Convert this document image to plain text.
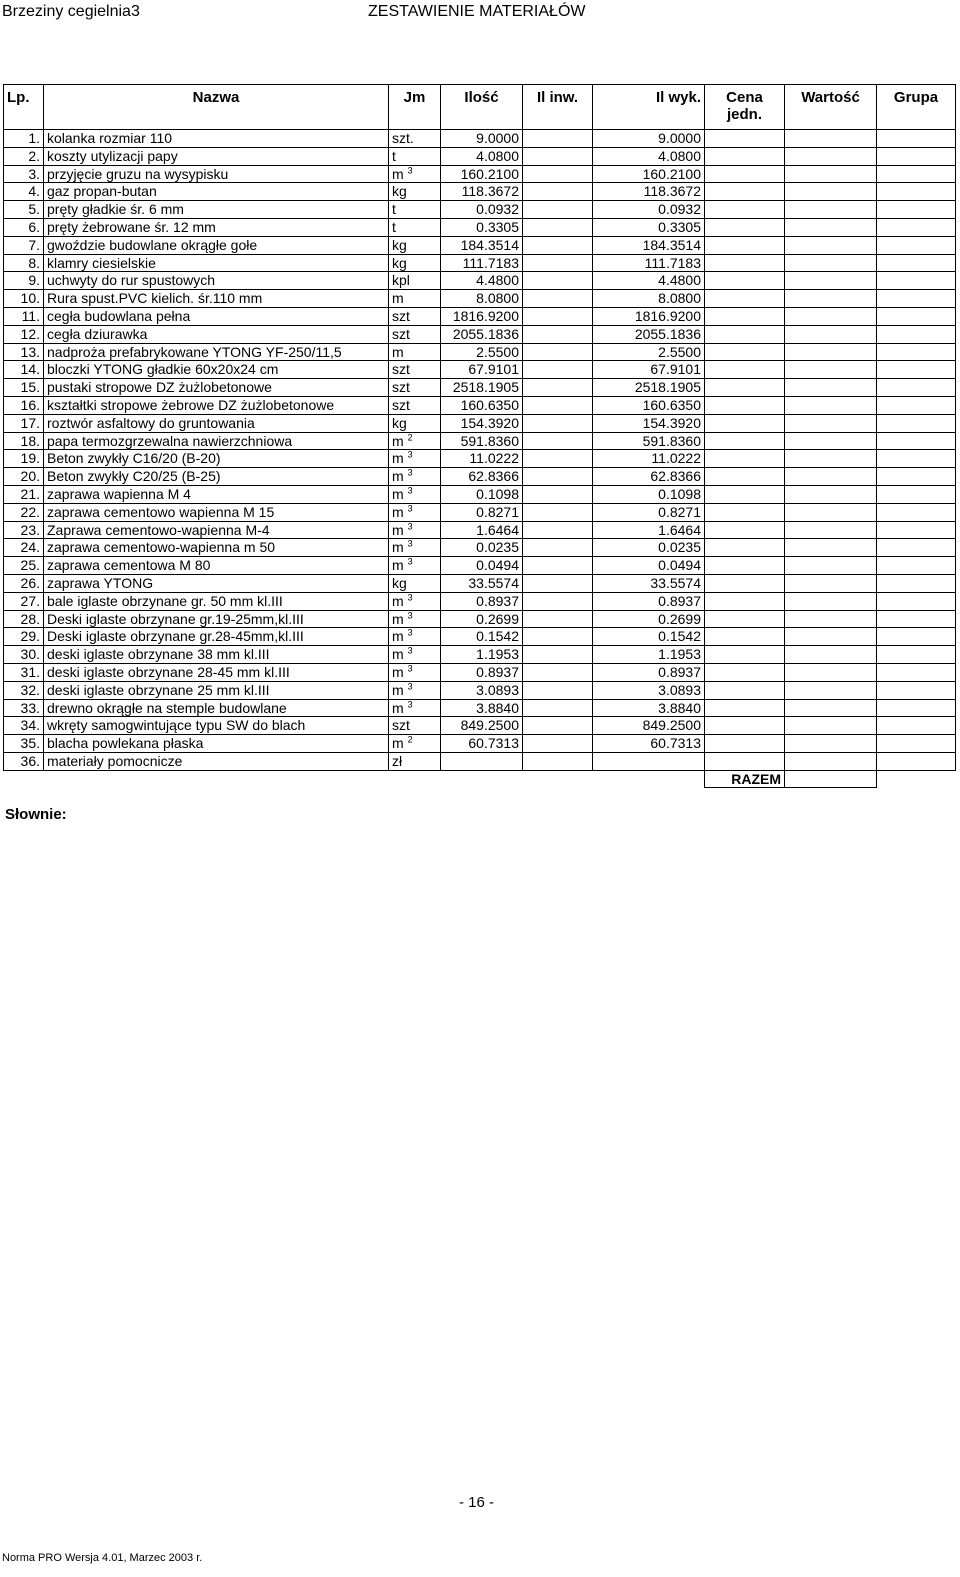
Brzeziny cegielnia3	ZESTAWIENIE MATERIAŁÓW
Lp.	Nazwa	Jm	Ilość	Il inw.	Il wyk.	Cena jedn.	Wartość	Grupa
1.	kolanka rozmiar 110	szt.	9.0000		9.0000			
2.	koszty utylizacji papy	t	4.0800		4.0800			
3.	przyjęcie gruzu na wysypisku	m $^3$	160.2100		160.2100			
4.	gaz propan-butan	kg	118.3672		118.3672			
5.	pręty gładkie śr. 6 mm	t	0.0932		0.0932			
6.	pręty żebrowane śr. 12 mm	t	0.3305		0.3305			
7.	gwoździe budowlane okrągłe gołe	kg	184.3514		184.3514			
8.	klamry ciesielskie	kg	111.7183		111.7183			
9.	uchwyty do rur spustowych	kpl	4.4800		4.4800			
10.	Rura spust.PVC kielich. śr.110 mm	m	8.0800		8.0800			
11.	cegła budowlana pełna	szt	1816.9200		1816.9200			
12.	cegła dziurawka	szt	2055.1836		2055.1836			
13.	nadproża prefabrykowane YTONG YF-250/11,5	m	2.5500		2.5500			
14.	bloczki YTONG gładkie 60x20x24 cm	szt	67.9101		67.9101			
15.	pustaki stropowe DZ żużlobetonowe	szt	2518.1905		2518.1905			
16.	kształtki stropowe żebrowe DZ żużlobetonowe	szt	160.6350		160.6350			
17.	roztwór asfaltowy do gruntowania	kg	154.3920		154.3920			
18.	papa termozgrzewalna nawierzchniowa	m $^2$	591.8360		591.8360			
19.	Beton zwykły C16/20 (B-20)	m $^3$	11.0222		11.0222			
20.	Beton zwykły C20/25 (B-25)	m $^3$	62.8366		62.8366			
21.	zaprawa wapienna M 4	m $^3$	0.1098		0.1098			
22.	zaprawa cementowo wapienna M 15	m $^3$	0.8271		0.8271			
23.	Zaprawa cementowo-wapienna M-4	m $^3$	1.6464		1.6464			
24.	zaprawa cementowo-wapienna m 50	m $^3$	0.0235		0.0235			
25.	zaprawa cementowa M 80	m $^3$	0.0494		0.0494			
26.	zaprawa YTONG	kg	33.5574		33.5574			
27.	bale iglaste obrzynane gr. 50 mm kl.III	m $^3$	0.8937		0.8937			
28.	Deski iglaste obrzynane gr.19-25mm,kl.III	m $^3$	0.2699		0.2699			
29.	Deski iglaste obrzynane gr.28-45mm,kl.III	m $^3$	0.1542		0.1542			
30.	deski iglaste obrzynane 38 mm kl.III	m $^3$	1.1953		1.1953			
31.	deski iglaste obrzynane 28-45 mm kl.III	m $^3$	0.8937		0.8937			
32.	deski iglaste obrzynane 25 mm kl.III	m $^3$	3.0893		3.0893			
33.	drewno okrągłe na stemple budowlane	m $^3$	3.8840		3.8840			
34.	wkręty samogwintujące typu SW do blach	szt	849.2500		849.2500			
35.	blacha powlekana płaska	m $^2$	60.7313		60.7313			
36.	materiały pomocnicze	zł						
						RAZEM		
Słownie:
- 16 -
Norma PRO Wersja 4.01, Marzec 2003 r.
